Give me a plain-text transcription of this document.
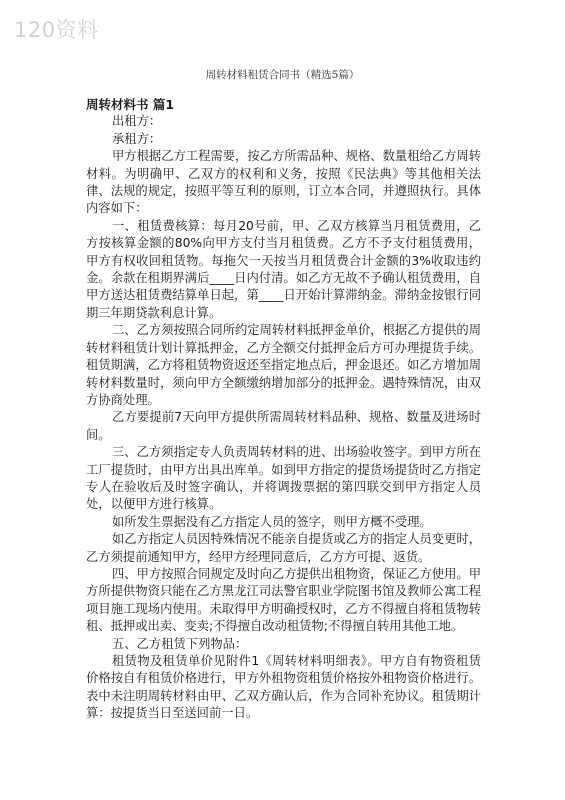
120资料
周转材料租赁合同书（精选5篇）
周转材料书 篇1
出租方：
承租方：

甲方根据乙方工程需要，按乙方所需品种、规格、数量租给乙方周转材料。为明确甲、乙双方的权利和义务，按照《民法典》等其他相关法律、法规的规定，按照平等互利的原则，订立本合同，并遵照执行。具体内容如下：

一、租赁费核算：每月20号前，甲、乙双方核算当月租赁费用，乙方按核算金额的80%向甲方支付当月租赁费。乙方不予支付租赁费用，甲方有权收回租赁物。每拖欠一天按当月租赁费合计金额的3%收取违约金。余款在租期界满后____日内付清。如乙方无故不予确认租赁费用，自甲方送达租赁费结算单日起，第____日开始计算滞纳金。滞纳金按银行同期三年期贷款利息计算。

二、乙方须按照合同所约定周转材料抵押金单价，根据乙方提供的周转材料租赁计划计算抵押金，乙方全额交付抵押金后方可办理提货手续。租赁期满，乙方将租赁物资返还至指定地点后，押金退还。如乙方增加周转材料数量时，须向甲方全额缴纳增加部分的抵押金。遇特殊情况，由双方协商处理。

乙方要提前7天向甲方提供所需周转材料品种、规格、数量及进场时间。

三、乙方须指定专人负责周转材料的进、出场验收签字。到甲方所在工厂提货时，由甲方出具出库单。如到甲方指定的提货场提货时乙方指定专人在验收后及时签字确认，并将调拨票据的第四联交到甲方指定人员处，以便甲方进行核算。

如所发生票据没有乙方指定人员的签字，则甲方概不受理。

如乙方指定人员因特殊情况不能亲自提货或乙方的指定人员变更时，乙方须提前通知甲方，经甲方经理同意后，乙方方可提、返货。

四、甲方按照合同规定及时向乙方提供出租物资，保证乙方使用。甲方所提供物资只能在乙方黑龙江司法警官职业学院图书馆及教师公寓工程项目施工现场内使用。未取得甲方明确授权时，乙方不得擅自将租赁物转租、抵押或出卖、变卖;不得擅自改动租赁物;不得擅自转用其他工地。

五、乙方租赁下列物品：

租赁物及租赁单价见附件1《周转材料明细表》。甲方自有物资租赁价格按自有租赁价格进行，甲方外租物资租赁价格按外租物资价格进行。表中未注明周转材料由甲、乙双方确认后，作为合同补充协议。租赁期计算：按提货当日至送回前一日。
